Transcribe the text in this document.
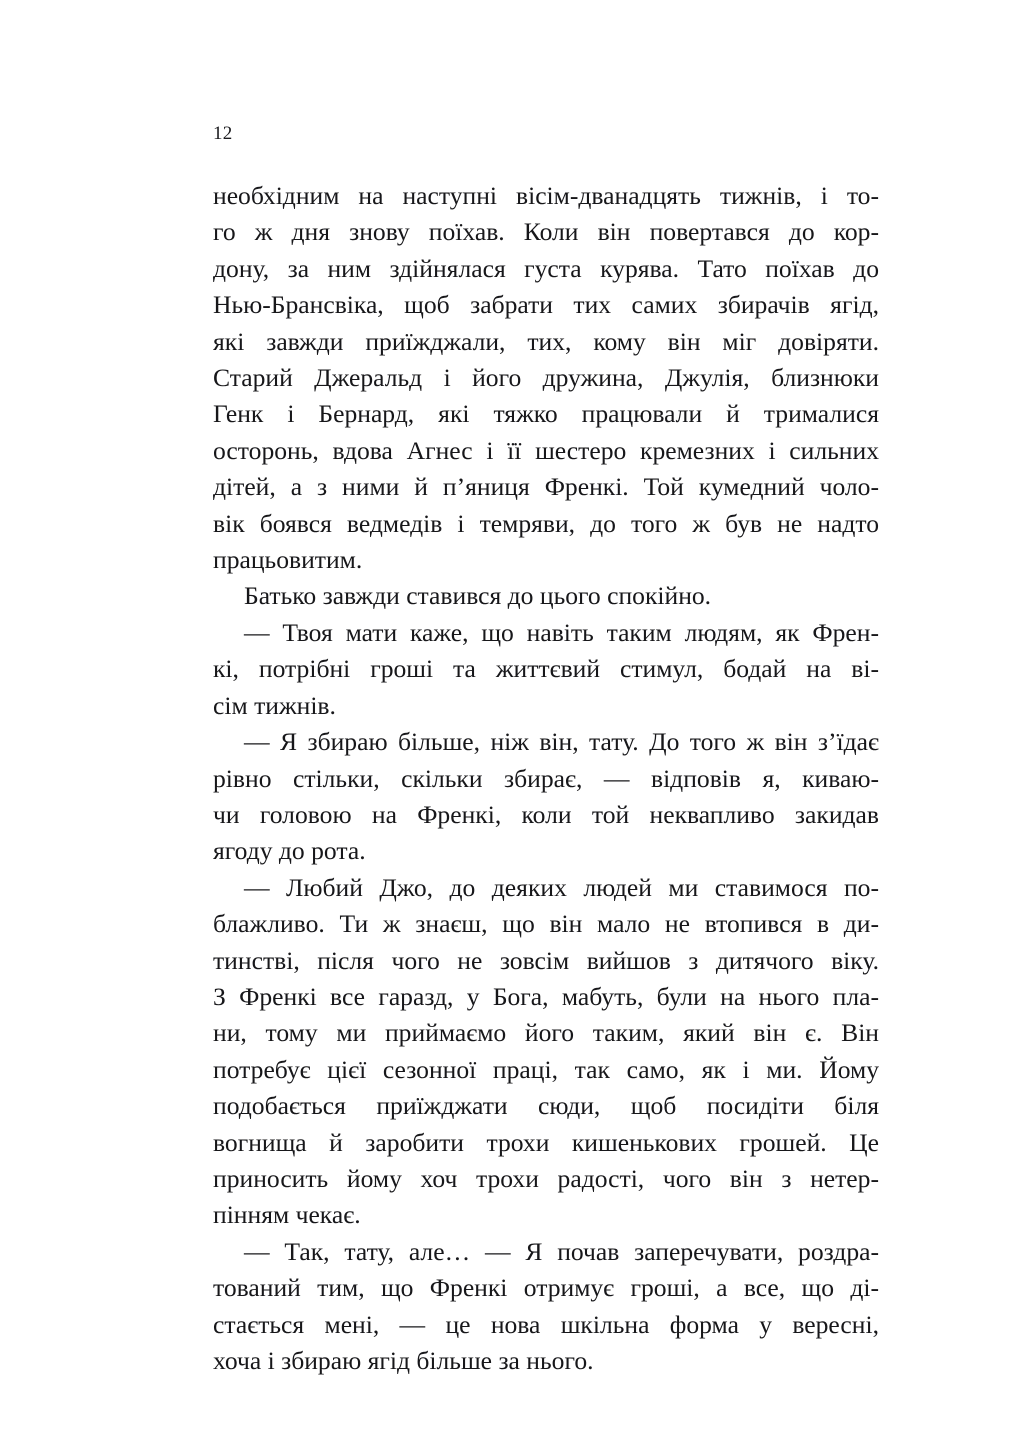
12

необхідним на наступні вісім-дванадцять тижнів, і то-
го ж дня знову поїхав. Коли він повертався до кор-
дону, за ним здійнялася густа курява. Тато поїхав до
Нью-Брансвіка, щоб забрати тих самих збирачів ягід,
які завжди приїжджали, тих, кому він міг довіряти.
Старий Джеральд і його дружина, Джулія, близнюки
Генк і Бернард, які тяжко працювали й трималися
осторонь, вдова Агнес і її шестеро кремезних і сильних
дітей, а з ними й п’яниця Френкі. Той кумедний чоло-
вік боявся ведмедів і темряви, до того ж був не надто
працьовитим.

Батько завжди ставився до цього спокійно.

— Твоя мати каже, що навіть таким людям, як Френ-
кі, потрібні гроші та життєвий стимул, бодай на ві-
сім тижнів.

— Я збираю більше, ніж він, тату. До того ж він з’їдає
рівно стільки, скільки збирає, — відповів я, киваю-
чи головою на Френкі, коли той неквапливо закидав
ягоду до рота.

— Любий Джо, до деяких людей ми ставимося по-
блажливо. Ти ж знаєш, що він мало не втопився в ди-
тинстві, після чого не зовсім вийшов з дитячого віку.
З Френкі все гаразд, у Бога, мабуть, були на нього пла-
ни, тому ми приймаємо його таким, який він є. Він
потребує цієї сезонної праці, так само, як і ми. Йому
подобається приїжджати сюди, щоб посидіти біля
вогнища й заробити трохи кишенькових грошей. Це
приносить йому хоч трохи радості, чого він з нетер-
пінням чекає.

— Так, тату, але… — Я почав заперечувати, роздра-
тований тим, що Френкі отримує гроші, а все, що ді-
стається мені, — це нова шкільна форма у вересні,
хоча і збираю ягід більше за нього.
